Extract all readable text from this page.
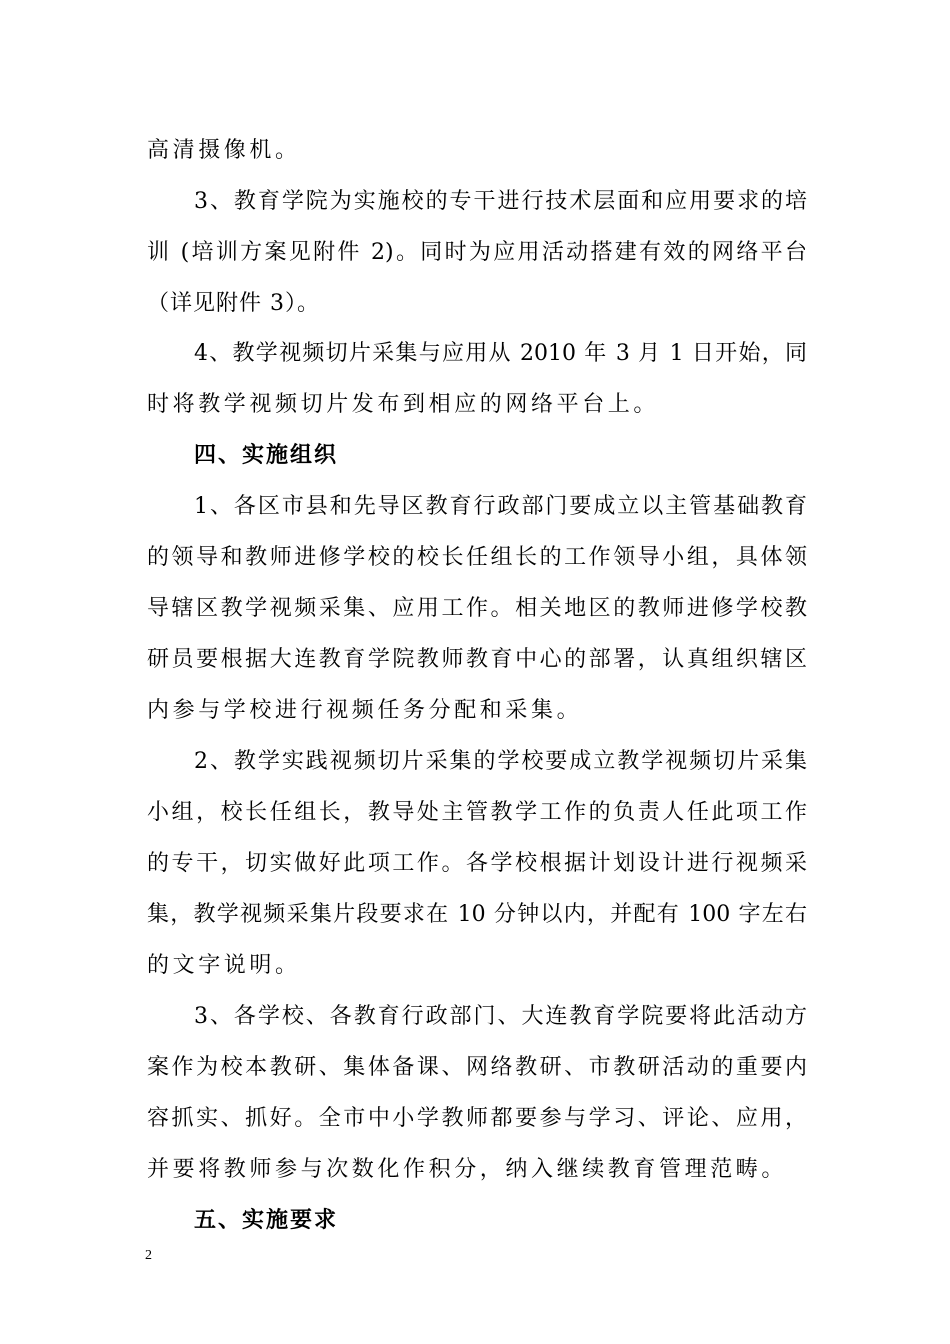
高清摄像机。
3、教育学院为实施校的专干进行技术层面和应用要求的培
训 (培训方案见附件 2)。同时为应用活动搭建有效的网络平台
（详见附件 3）。
4、教学视频切片采集与应用从 2010 年 3 月 1 日开始，同
时将教学视频切片发布到相应的网络平台上。
四、实施组织
1、各区市县和先导区教育行政部门要成立以主管基础教育
的领导和教师进修学校的校长任组长的工作领导小组，具体领
导辖区教学视频采集、应用工作。相关地区的教师进修学校教
研员要根据大连教育学院教师教育中心的部署，认真组织辖区
内参与学校进行视频任务分配和采集。
2、教学实践视频切片采集的学校要成立教学视频切片采集
小组，校长任组长，教导处主管教学工作的负责人任此项工作
的专干，切实做好此项工作。各学校根据计划设计进行视频采
集，教学视频采集片段要求在 10 分钟以内，并配有 100 字左右
的文字说明。
3、各学校、各教育行政部门、大连教育学院要将此活动方
案作为校本教研、集体备课、网络教研、市教研活动的重要内
容抓实、抓好。全市中小学教师都要参与学习、评论、应用，
并要将教师参与次数化作积分，纳入继续教育管理范畴。
五、实施要求
2
